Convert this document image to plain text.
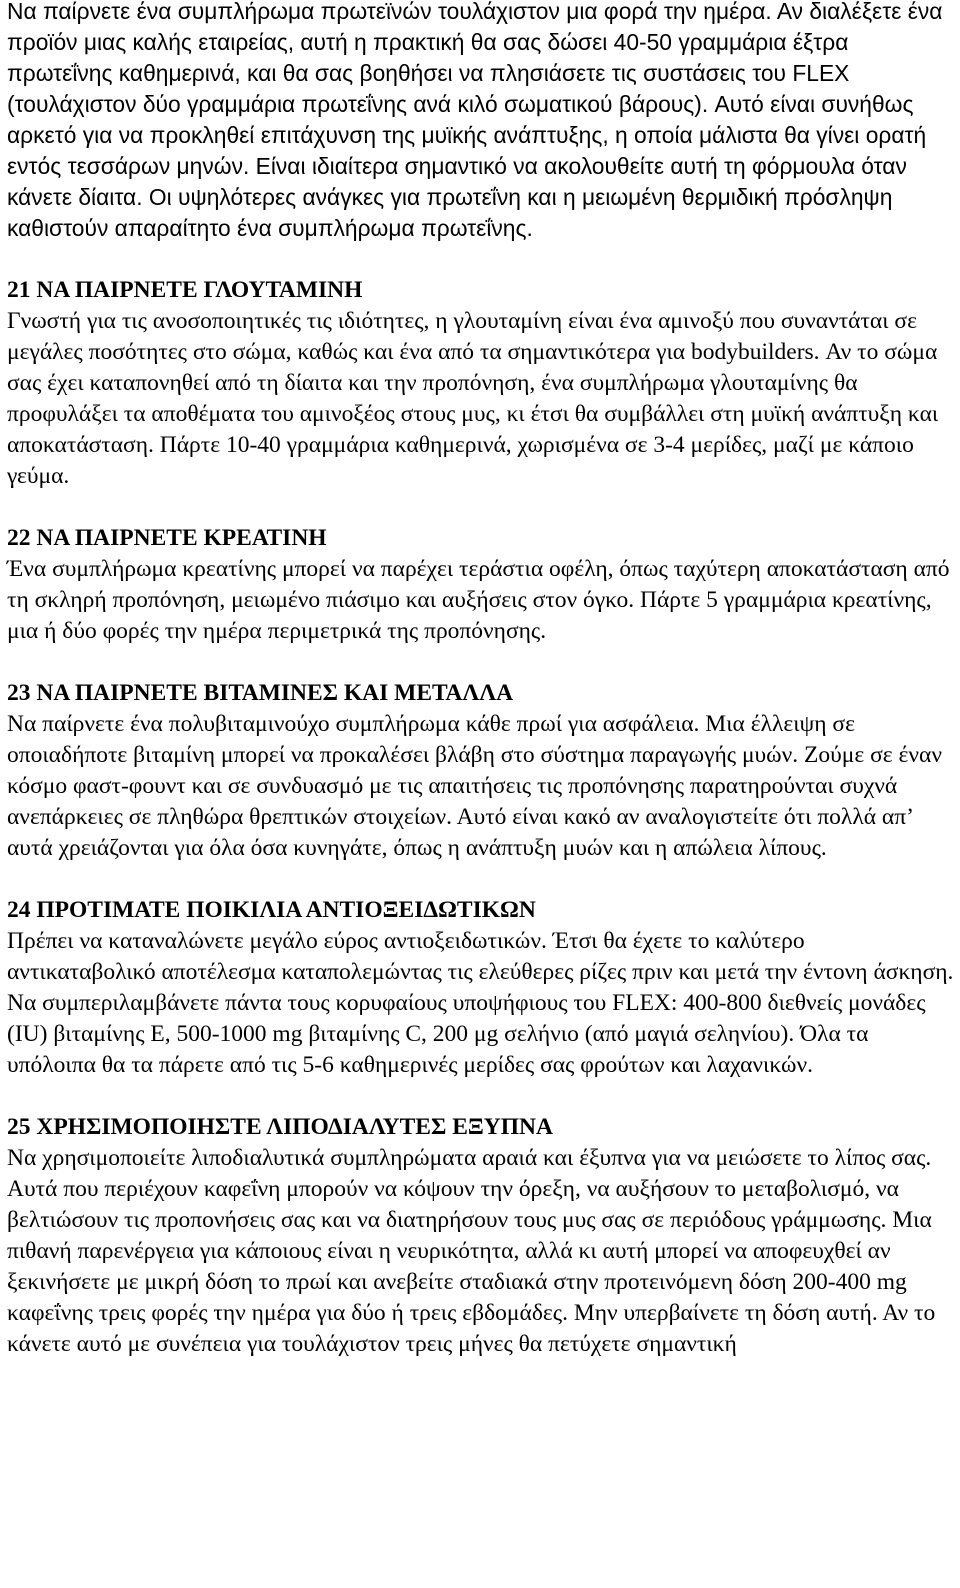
Να παίρνετε ένα συμπλήρωμα πρωτεϊνών τουλάχιστον μια φορά την ημέρα. Αν διαλέξετε ένα προϊόν μιας καλής εταιρείας, αυτή η πρακτική θα σας δώσει 40-50 γραμμάρια έξτρα πρωτεΐνης καθημερινά, και θα σας βοηθήσει να πλησιάσετε τις συστάσεις του FLEX (τουλάχιστον δύο γραμμάρια πρωτεΐνης ανά κιλό σωματικού βάρους). Αυτό είναι συνήθως αρκετό για να προκληθεί επιτάχυνση της μυϊκής ανάπτυξης, η οποία μάλιστα θα γίνει ορατή εντός τεσσάρων μηνών. Είναι ιδιαίτερα σημαντικό να ακολουθείτε αυτή τη φόρμουλα όταν κάνετε δίαιτα. Οι υψηλότερες ανάγκες για πρωτεΐνη και η μειωμένη θερμιδική πρόσληψη καθιστούν απαραίτητο ένα συμπλήρωμα πρωτεΐνης.

21 ΝΑ ΠΑΙΡΝΕΤΕ ΓΛΟΥΤΑΜΙΝΗ

Γνωστή για τις ανοσοποιητικές τις ιδιότητες, η γλουταμίνη είναι ένα αμινοξύ που συναντάται σε μεγάλες ποσότητες στο σώμα, καθώς και ένα από τα σημαντικότερα για bodybuilders. Αν το σώμα σας έχει καταπονηθεί από τη δίαιτα και την προπόνηση, ένα συμπλήρωμα γλουταμίνης θα προφυλάξει τα αποθέματα του αμινοξέος στους μυς, κι έτσι θα συμβάλλει στη μυϊκή ανάπτυξη και αποκατάσταση. Πάρτε 10-40 γραμμάρια καθημερινά, χωρισμένα σε 3-4 μερίδες, μαζί με κάποιο γεύμα.

22 ΝΑ ΠΑΙΡΝΕΤΕ ΚΡΕΑΤΙΝΗ

Ένα συμπλήρωμα κρεατίνης μπορεί να παρέχει τεράστια οφέλη, όπως ταχύτερη αποκατάσταση από τη σκληρή προπόνηση, μειωμένο πιάσιμο και αυξήσεις στον όγκο. Πάρτε 5 γραμμάρια κρεατίνης, μια ή δύο φορές την ημέρα περιμετρικά της προπόνησης.

23 ΝΑ ΠΑΙΡΝΕΤΕ ΒΙΤΑΜΙΝΕΣ ΚΑΙ ΜΕΤΑΛΛΑ

Να παίρνετε ένα πολυβιταμινούχο συμπλήρωμα κάθε πρωί για ασφάλεια. Μια έλλειψη σε οποιαδήποτε βιταμίνη μπορεί να προκαλέσει βλάβη στο σύστημα παραγωγής μυών. Ζούμε σε έναν κόσμο φαστ-φουντ και σε συνδυασμό με τις απαιτήσεις τις προπόνησης παρατηρούνται συχνά ανεπάρκειες σε πληθώρα θρεπτικών στοιχείων. Αυτό είναι κακό αν αναλογιστείτε ότι πολλά απ’ αυτά χρειάζονται για όλα όσα κυνηγάτε, όπως η ανάπτυξη μυών και η απώλεια λίπους.

24 ΠΡΟΤΙΜΑΤΕ ΠΟΙΚΙΛΙΑ ΑΝΤΙΟΞΕΙΔΩΤΙΚΩΝ

Πρέπει να καταναλώνετε μεγάλο εύρος αντιοξειδωτικών. Έτσι θα έχετε το καλύτερο αντικαταβολικό αποτέλεσμα καταπολεμώντας τις ελεύθερες ρίζες πριν και μετά την έντονη άσκηση. Να συμπεριλαμβάνετε πάντα τους κορυφαίους υποψήφιους του FLEX: 400-800 διεθνείς μονάδες (IU) βιταμίνης Ε, 500-1000 mg βιταμίνης C, 200 μg σελήνιο (από μαγιά σεληνίου). Όλα τα υπόλοιπα θα τα πάρετε από τις 5-6 καθημερινές μερίδες σας φρούτων και λαχανικών.

25 ΧΡΗΣΙΜΟΠΟΙΗΣΤΕ ΛΙΠΟΔΙΑΛΥΤΕΣ ΕΞΥΠΝΑ

Να χρησιμοποιείτε λιποδιαλυτικά συμπληρώματα αραιά και έξυπνα για να μειώσετε το λίπος σας. Αυτά που περιέχουν καφεΐνη μπορούν να κόψουν την όρεξη, να αυξήσουν το μεταβολισμό, να βελτιώσουν τις προπονήσεις σας και να διατηρήσουν τους μυς σας σε περιόδους γράμμωσης. Μια πιθανή παρενέργεια για κάποιους είναι η νευρικότητα, αλλά κι αυτή μπορεί να αποφευχθεί αν ξεκινήσετε με μικρή δόση το πρωί και ανεβείτε σταδιακά στην προτεινόμενη δόση 200-400 mg καφεΐνης τρεις φορές την ημέρα για δύο ή τρεις εβδομάδες. Μην υπερβαίνετε τη δόση αυτή. Αν το κάνετε αυτό με συνέπεια για τουλάχιστον τρεις μήνες θα πετύχετε σημαντική
